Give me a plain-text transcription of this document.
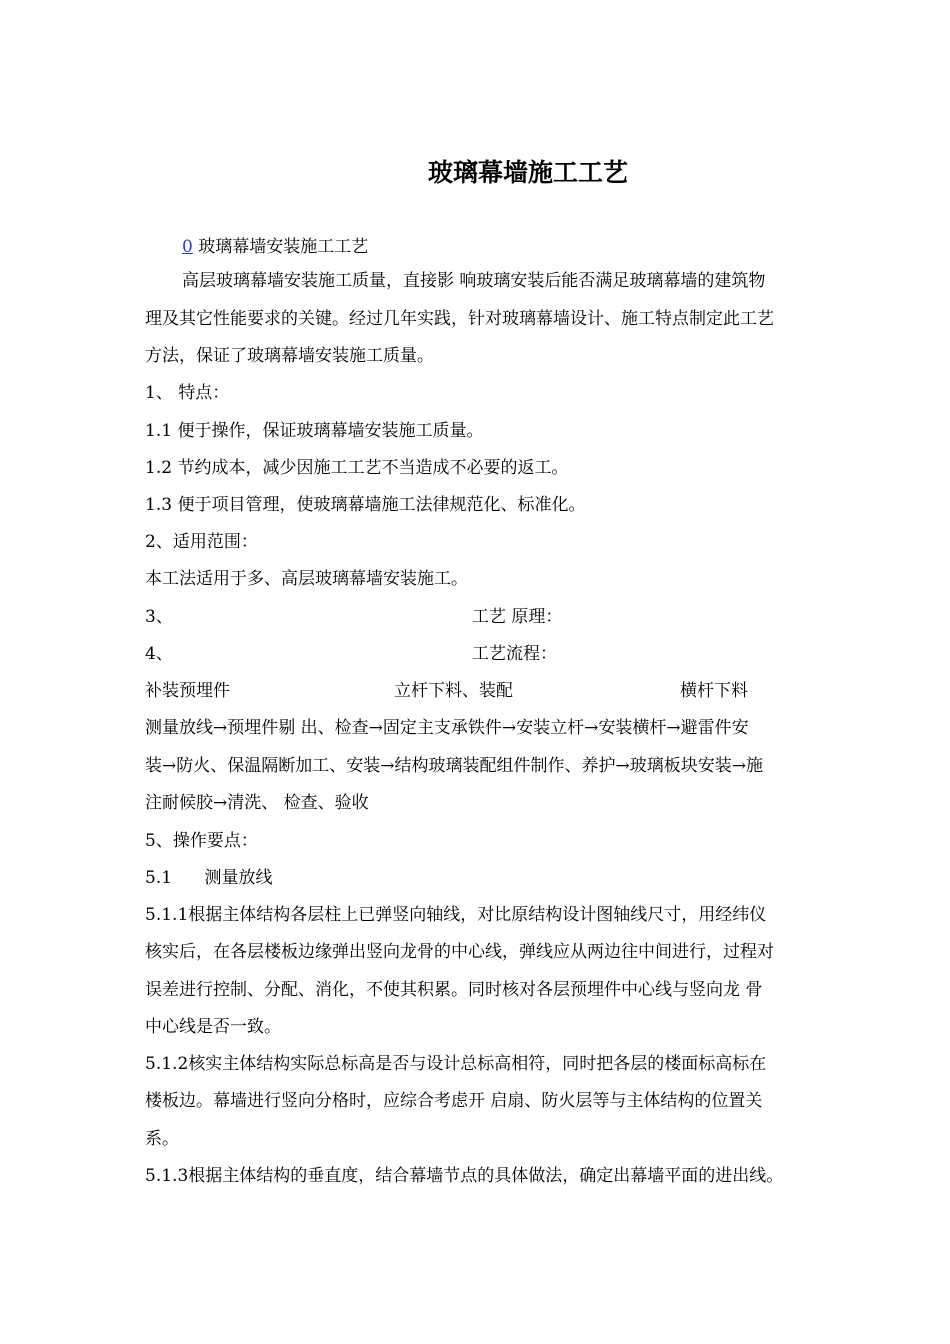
玻璃幕墙施工工艺
0 玻璃幕墙安装施工工艺
高层玻璃幕墙安装施工质量，直接影 响玻璃安装后能否满足玻璃幕墙的建筑物
理及其它性能要求的关键。经过几年实践，针对玻璃幕墙设计、施工特点制定此工艺
方法，保证了玻璃幕墙安装施工质量。
1、 特点：
1.1 便于操作，保证玻璃幕墙安装施工质量。
1.2 节约成本，减少因施工工艺不当造成不必要的返工。
1.3 便于项目管理，使玻璃幕墙施工法律规范化、标准化。
2、适用范围：
本工法适用于多、高层玻璃幕墙安装施工。
3、	工艺 原理：
4、	工艺流程：
补装预埋件	立杆下料、装配	横杆下料
测量放线→预埋件剔 出、检查→固定主支承铁件→安装立杆→安装横杆→避雷件安
装→防火、保温隔断加工、安装→结构玻璃装配组件制作、养护→玻璃板块安装→施
注耐候胶→清洗、 检查、验收
5、操作要点：
5.1      测量放线
5.1.1根据主体结构各层柱上已弹竖向轴线，对比原结构设计图轴线尺寸，用经纬仪
核实后，在各层楼板边缘弹出竖向龙骨的中心线，弹线应从两边往中间进行，过程对
误差进行控制、分配、消化，不使其积累。同时核对各层预埋件中心线与竖向龙 骨
中心线是否一致。
5.1.2核实主体结构实际总标高是否与设计总标高相符，同时把各层的楼面标高标在
楼板边。幕墙进行竖向分格时，应综合考虑开 启扇、防火层等与主体结构的位置关
系。
5.1.3根据主体结构的垂直度，结合幕墙节点的具体做法，确定出幕墙平面的进出线。
